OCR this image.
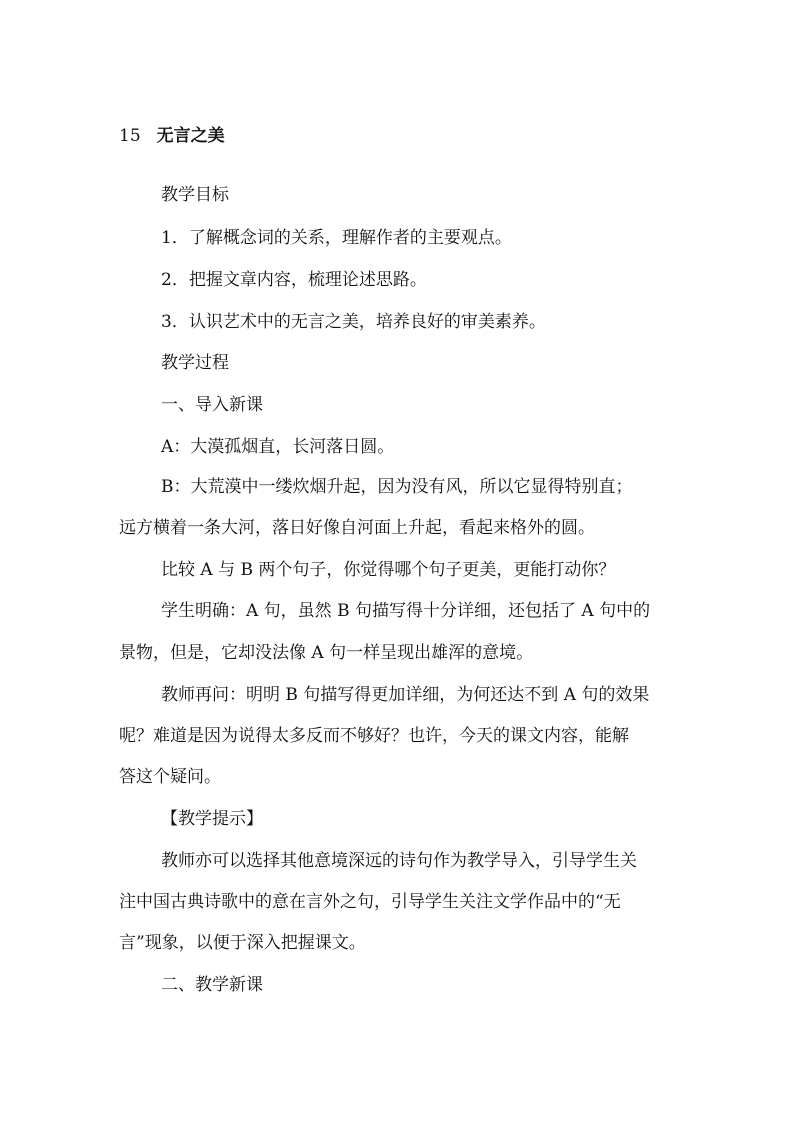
15 无言之美
教学目标
1．了解概念词的关系，理解作者的主要观点。
2．把握文章内容，梳理论述思路。
3．认识艺术中的无言之美，培养良好的审美素养。
教学过程
一、导入新课
A：大漠孤烟直，长河落日圆。
B：大荒漠中一缕炊烟升起，因为没有风，所以它显得特别直；
远方横着一条大河，落日好像自河面上升起，看起来格外的圆。
比较 A 与 B 两个句子，你觉得哪个句子更美，更能打动你？
学生明确：A 句，虽然 B 句描写得十分详细，还包括了 A 句中的
景物，但是，它却没法像 A 句一样呈现出雄浑的意境。
教师再问：明明 B 句描写得更加详细，为何还达不到 A 句的效果
呢？难道是因为说得太多反而不够好？也许，今天的课文内容，能解
答这个疑问。
【教学提示】
教师亦可以选择其他意境深远的诗句作为教学导入，引导学生关
注中国古典诗歌中的意在言外之句，引导学生关注文学作品中的“无
言”现象，以便于深入把握课文。
二、教学新课
